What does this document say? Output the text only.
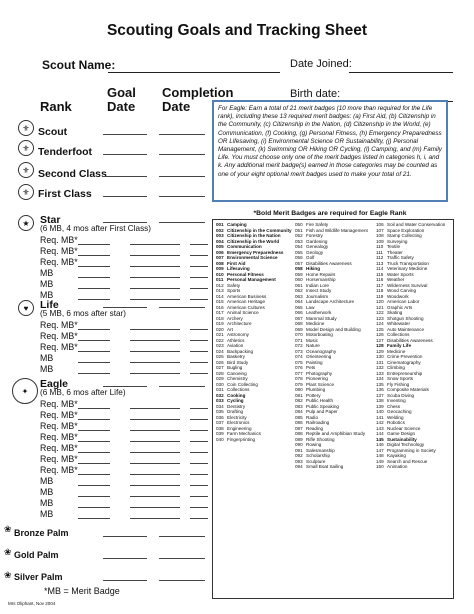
Scouting Goals and Tracking Sheet
Scout Name:	Date Joined:
Birth date:
Rank
Goal
Date
Completion
Date
⚜ Scout
⚜ Tenderfoot
⚜ Second Class
⚜ First Class
★ Star
(6 MB, 4 mos after First Class)
Req. MB*
Req. MB*
Req. MB*
MB
MB
MB
♥	Life
(5 MB, 6 mos after star)
Req. MB*
Req. MB*
Req. MB*
MB
MB
✦
Eagle
(6 MB, 6 mos after Life)
Req. MB*
Req. MB*
Req. MB*
Req. MB*
Req. MB*
Req. MB*
Req. MB*
MB
MB
MB
MB
❀ Bronze Palm
❀ Gold Palm
❀ Silver Palm
*MB = Merit Badge
Mrs Oliphant, Nov 2004
For Eagle: Earn a total of 21 merit badges (10 more than required for the Life rank), including these 13 required merit badges: (a) First Aid, (b) Citizenship in the Community, (c) Citizenship in the Nation, (d) Citizenship in the World, (e) Communication, (f) Cooking, (g) Personal Fitness, (h) Emergency Preparedness OR Lifesaving, (i) Environmental Science OR Sustainability, (j) Personal Management, (k) Swimming OR Hiking OR Cycling, (l) Camping, and (m) Family Life. You must choose only one of the merit badges listed in categories h, i, and k. Any additional merit badge(s) earned in those categories may be counted as one of your eight optional merit badges used to make your total of 21.
*Bold Merit Badges are required for Eagle Rank
001 Camping
002 Citizenship in the Community
003 Citizenship in the Nation
004 Citizenship in the World
005 Communication
006 Emergency Preparedness
007 Environmental Science
008 First Aid
009 Lifesaving
010 Personal Fitness
011 Personal Management
012 Safety
013 Sports
014 American Business
015 American Heritage
016 American Cultures
017 Animal Science
018 Archery
019 Architecture
020 Art
021 Astronomy
022 Athletics
023 Aviation
024 Backpacking
025 Basketry
026 Bird Study
027 Bugling
028 Canoeing
029 Chemistry
030 Coin Collecting
031 Collections
032 Cooking
033 Cycling
034 Dentistry
035 Drafting
036 Electricity
037 Electronics
038 Engineering
039 Farm Mechanics
040 Fingerprinting
050 Fire Safety
051 Fish and Wildlife Management
052 Forestry
053 Gardening
054 Genealogy
055 Geology
056 Golf
057 Disabilities Awareness
058 Hiking
059 Home Repairs
060 Horsemanship
061 Indian Lore
062 Insect Study
063 Journalism
064 Landscape Architecture
065 Law
066 Leatherwork
067 Mammal Study
068 Medicine
069 Model Design and Building
070 Motorboating
071 Music
072 Nature
073 Oceanography
074 Orienteering
075 Painting
076 Pets
077 Photography
078 Pioneering
079 Plant Science
080 Plumbing
081 Pottery
082 Public Health
083 Public Speaking
084 Pulp and Paper
085 Radio
086 Railroading
087 Reading
088 Reptile and Amphibian Study
089 Rifle Shooting
090 Rowing
091 Salesmanship
092 Scholarship
093 Sculpture
094 Small Boat Sailing
106 Soil and Water Conservation
107 Space Exploration
108 Stamp Collecting
109 Surveying
110 Textile
111 Theater
112 Traffic Safety
113 Truck Transportation
114 Veterinary Medicine
115 Water Sports
116 Weather
117 Wilderness Survival
118 Wood Carving
119 Woodwork
120 American Labor
121 Graphic Arts
122 Skating
123 Shotgun Shooting
124 Whitewater
125 Auto Maintenance
126 Collections
127 Disabilities Awareness
128 Family Life
129 Medicine
130 Crime Prevention
131 Cinematography
132 Climbing
133 Entrepreneurship
134 Snow Sports
135 Fly Fishing
136 Composite Materials
137 Scuba Diving
138 Inventing
139 Chess
140 Geocaching
141 Welding
142 Robotics
143 Nuclear Science
144 Game Design
145 Sustainability
146 Digital Technology
147 Programming in Society
148 Kayaking
149 Search and Rescue
150 Animation
